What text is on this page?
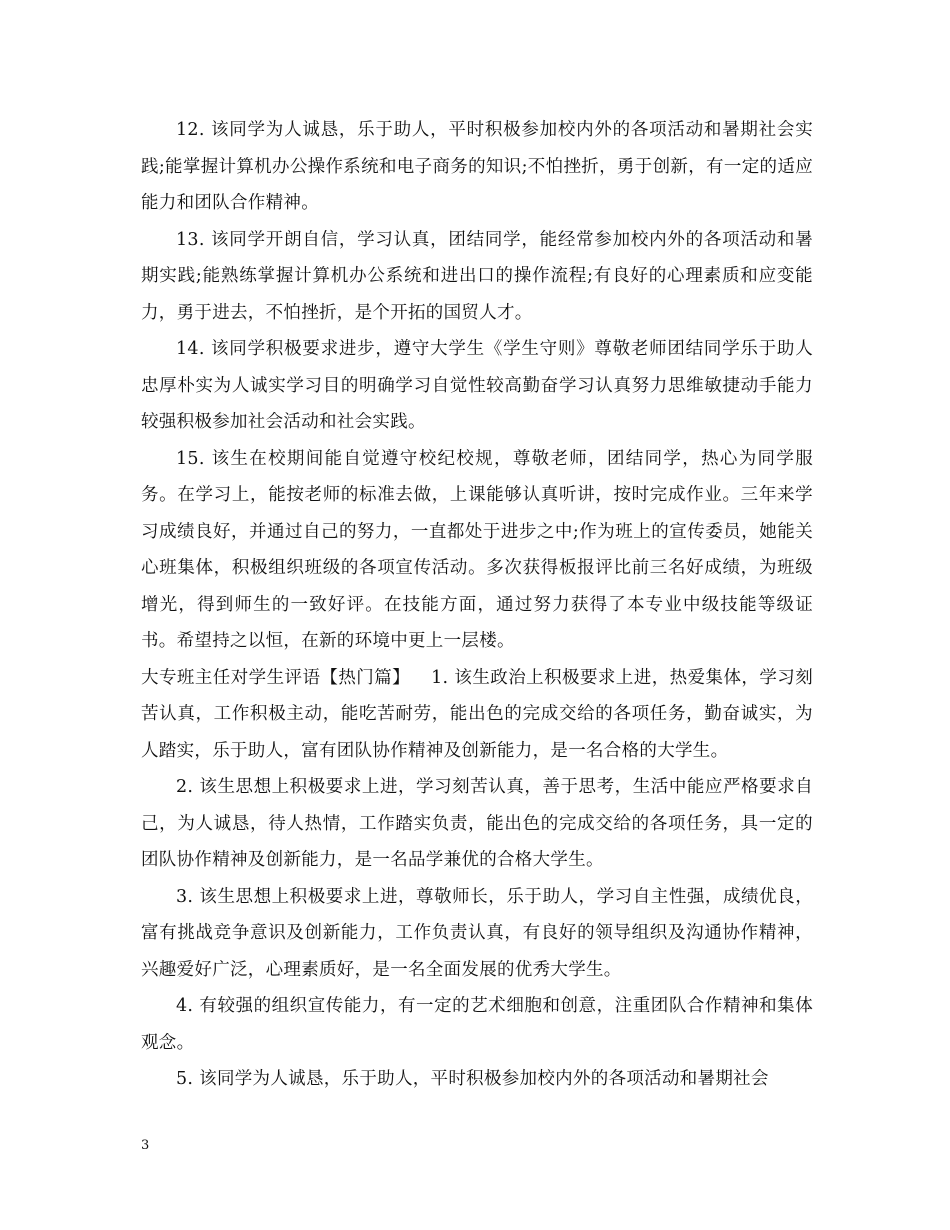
12. 该同学为人诚恳，乐于助人，平时积极参加校内外的各项活动和暑期社会实践;能掌握计算机办公操作系统和电子商务的知识;不怕挫折，勇于创新，有一定的适应能力和团队合作精神。

13. 该同学开朗自信，学习认真，团结同学，能经常参加校内外的各项活动和暑期实践;能熟练掌握计算机办公系统和进出口的操作流程;有良好的心理素质和应变能力，勇于进去，不怕挫折，是个开拓的国贸人才。

14. 该同学积极要求进步，遵守大学生《学生守则》尊敬老师团结同学乐于助人忠厚朴实为人诚实学习目的明确学习自觉性较高勤奋学习认真努力思维敏捷动手能力较强积极参加社会活动和社会实践。

15. 该生在校期间能自觉遵守校纪校规，尊敬老师，团结同学，热心为同学服务。在学习上，能按老师的标准去做，上课能够认真听讲，按时完成作业。三年来学习成绩良好，并通过自己的努力，一直都处于进步之中;作为班上的宣传委员，她能关心班集体，积极组织班级的各项宣传活动。多次获得板报评比前三名好成绩，为班级增光，得到师生的一致好评。在技能方面，通过努力获得了本专业中级技能等级证书。希望持之以恒，在新的环境中更上一层楼。

大专班主任对学生评语【热门篇】 1. 该生政治上积极要求上进，热爱集体，学习刻苦认真，工作积极主动，能吃苦耐劳，能出色的完成交给的各项任务，勤奋诚实，为人踏实，乐于助人，富有团队协作精神及创新能力，是一名合格的大学生。

2. 该生思想上积极要求上进，学习刻苦认真，善于思考，生活中能应严格要求自己，为人诚恳，待人热情，工作踏实负责，能出色的完成交给的各项任务，具一定的团队协作精神及创新能力，是一名品学兼优的合格大学生。

3. 该生思想上积极要求上进，尊敬师长，乐于助人，学习自主性强，成绩优良，富有挑战竞争意识及创新能力，工作负责认真，有良好的领导组织及沟通协作精神，兴趣爱好广泛，心理素质好，是一名全面发展的优秀大学生。

4. 有较强的组织宣传能力，有一定的艺术细胞和创意，注重团队合作精神和集体观念。

5. 该同学为人诚恳，乐于助人，平时积极参加校内外的各项活动和暑期社会

3
